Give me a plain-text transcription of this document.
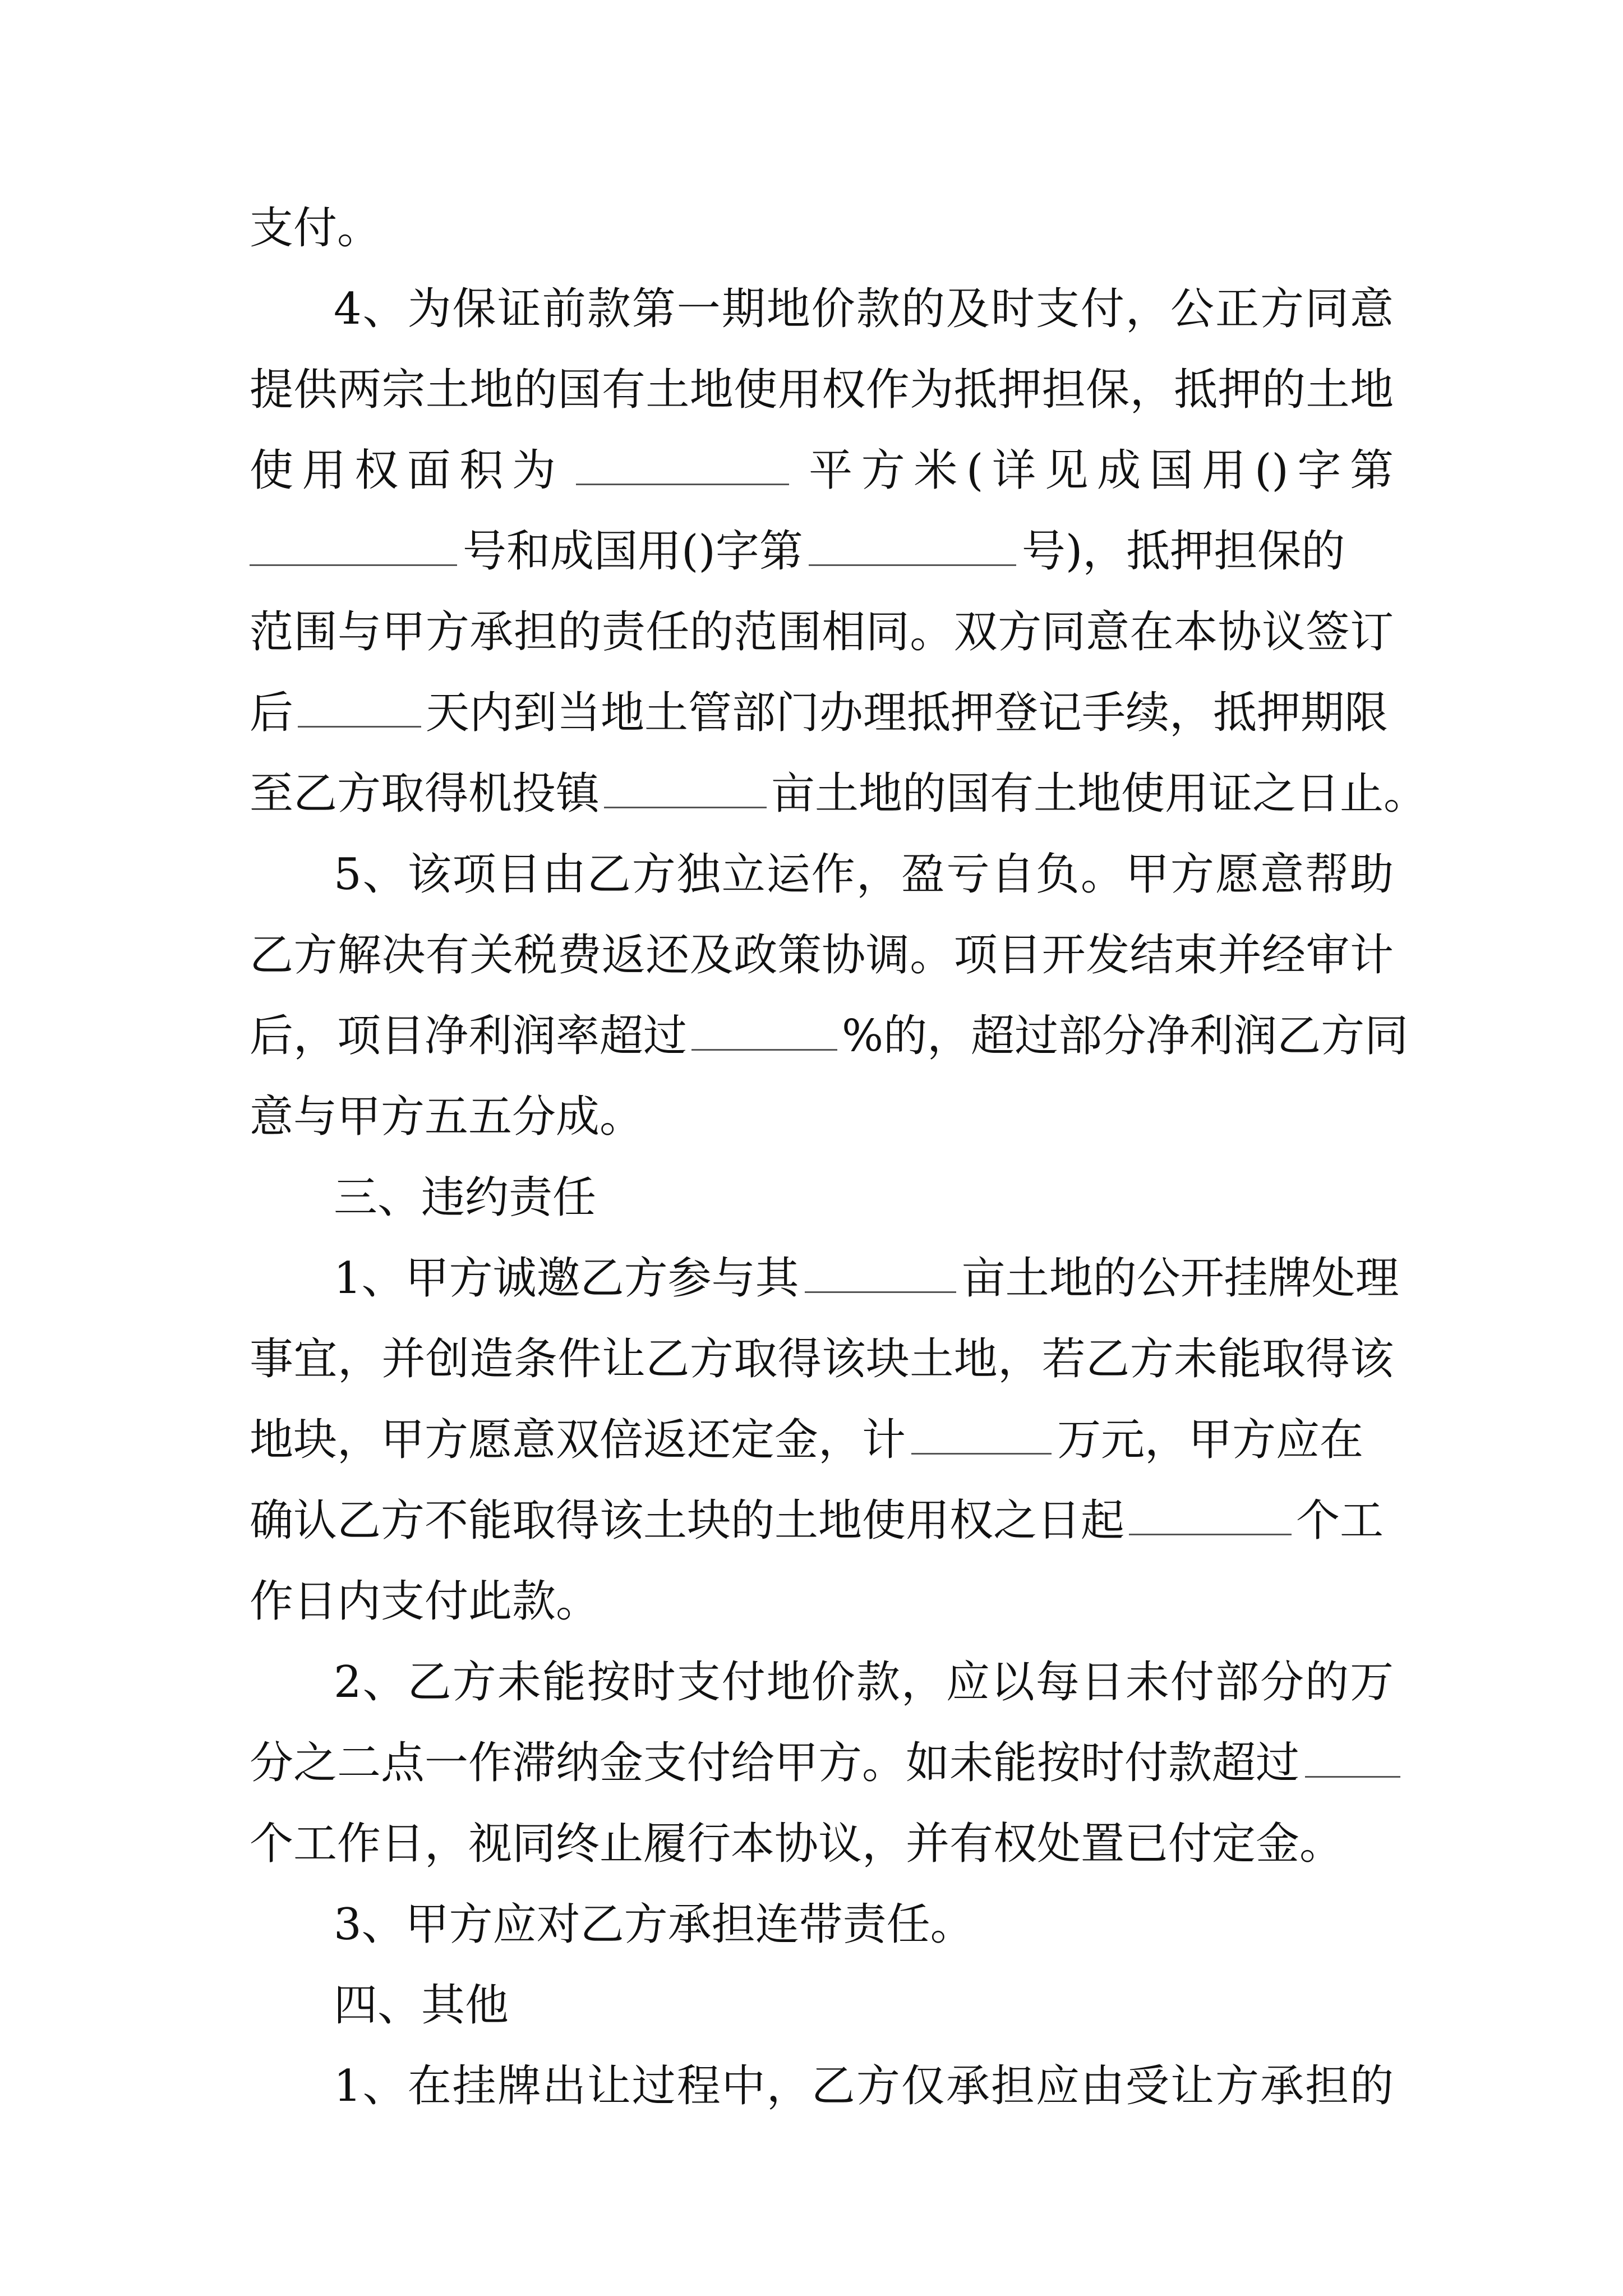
支付。
4、为保证前款第一期地价款的及时支付，公正方同意
提供两宗土地的国有土地使用权作为抵押担保，抵押的土地
使用权面积为	平方米(详见成国用()字第
号和成国用()字第	号)，抵押担保的
范围与甲方承担的责任的范围相同。双方同意在本协议签订
后	天内到当地土管部门办理抵押登记手续，抵押期限
至乙方取得机投镇	亩土地的国有土地使用证之日止。
5、该项目由乙方独立运作，盈亏自负。甲方愿意帮助
乙方解决有关税费返还及政策协调。项目开发结束并经审计
后，项目净利润率超过	%的，超过部分净利润乙方同
意与甲方五五分成。
三、违约责任
1、甲方诚邀乙方参与其	亩土地的公开挂牌处理
事宜，并创造条件让乙方取得该块土地，若乙方未能取得该
地块，甲方愿意双倍返还定金，计	万元，甲方应在
确认乙方不能取得该土块的土地使用权之日起	个工
作日内支付此款。
2、乙方未能按时支付地价款，应以每日未付部分的万
分之二点一作滞纳金支付给甲方。如未能按时付款超过
个工作日，视同终止履行本协议，并有权处置已付定金。
3、甲方应对乙方承担连带责任。
四、其他
1、在挂牌出让过程中，乙方仅承担应由受让方承担的
